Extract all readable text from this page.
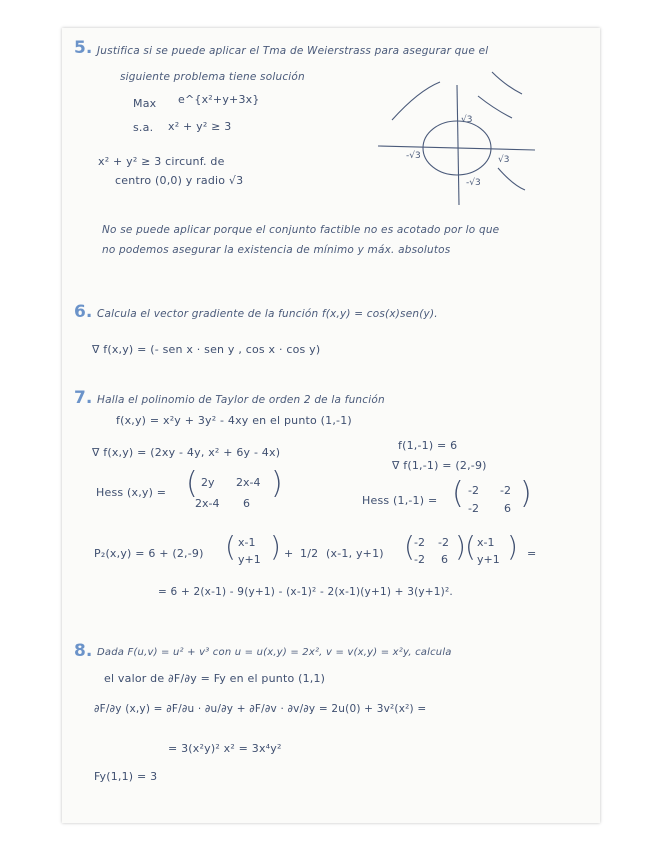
5. Justifica si se puede aplicar el Tma de Weierstrass para asegurar que el
siguiente problema tiene solución
Max e^{x²+y+3x}
s.a. x² + y² ≥ 3
x² + y² ≥ 3 circunf. de
centro (0,0) y radio √3
No se puede aplicar porque el conjunto factible no es acotado por lo que
no podemos asegurar la existencia de mínimo y máx. absolutos
√3
-√3	√3
-√3
6. Calcula el vector gradiente de la función f(x,y) = cos(x)sen(y).
∇ f(x,y) = (- sen x · sen y , cos x · cos y)
7. Halla el polinomio de Taylor de orden 2 de la función
f(x,y) = x²y + 3y² - 4xy en el punto (1,-1)
∇ f(x,y) = (2xy - 4y, x² + 6y - 4x)
f(1,-1) = 6
∇ f(1,-1) = (2,-9)
Hess (x,y) = ( 2y 2x-4
2x-4 6
)	Hess (1,-1) = ( -2 -2
-2 6 )
P₂(x,y) = 6 + (2,-9) ( x-1
y+1 ) + 1/2 (x-1, y+1) ( -2 -2
-2 6 ) ( x-1
y+1 ) =
= 6 + 2(x-1) - 9(y+1) - (x-1)² - 2(x-1)(y+1) + 3(y+1)².
8. Dada F(u,v) = u² + v³ con u = u(x,y) = 2x², v = v(x,y) = x²y, calcula
el valor de ∂F/∂y = Fy en el punto (1,1)
∂F/∂y (x,y) = ∂F/∂u · ∂u/∂y + ∂F/∂v · ∂v/∂y = 2u(0) + 3v²(x²) =
= 3(x²y)² x² = 3x⁴y²
Fy(1,1) = 3
